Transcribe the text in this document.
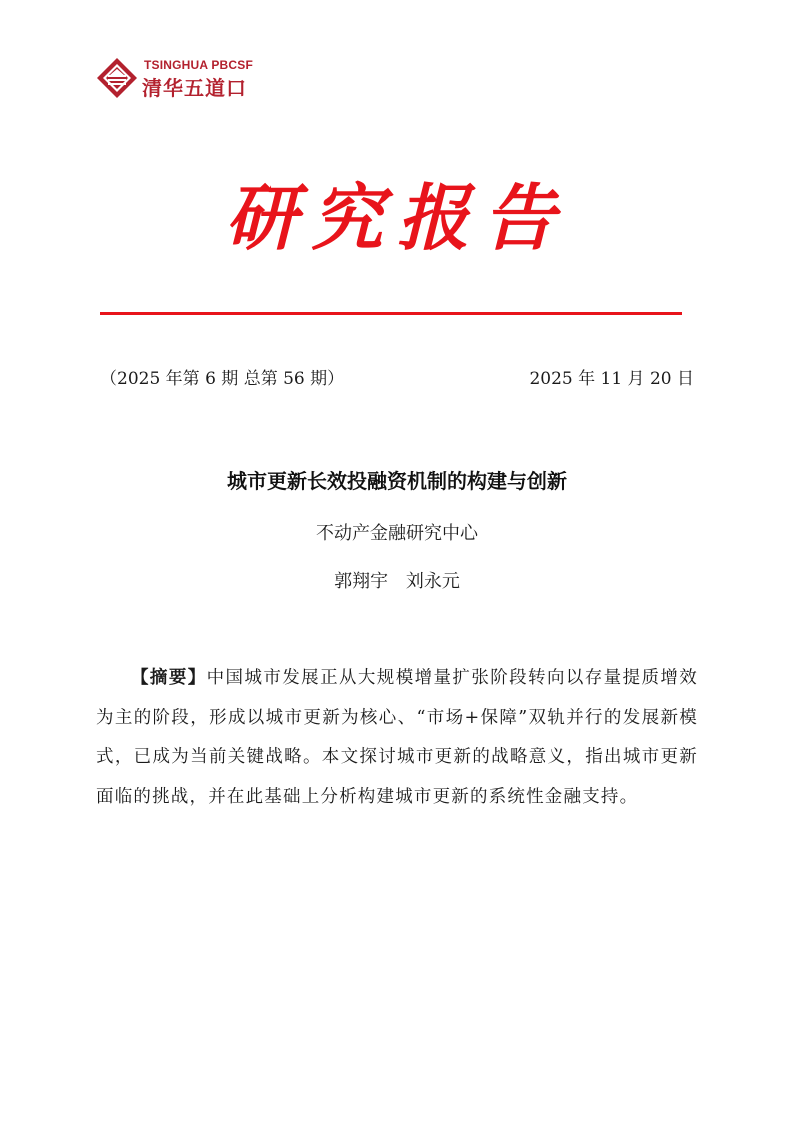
TSINGHUA PBCSF
清华五道口
研究报告
（2025 年第 6 期 总第 56 期）	2025 年 11 月 20 日
城市更新长效投融资机制的构建与创新
不动产金融研究中心
郭翔宇 刘永元
【摘要】中国城市发展正从大规模增量扩张阶段转向以存量提质增效为主的阶段，形成以城市更新为核心、“市场+保障”双轨并行的发展新模式，已成为当前关键战略。本文探讨城市更新的战略意义，指出城市更新面临的挑战，并在此基础上分析构建城市更新的系统性金融支持。
